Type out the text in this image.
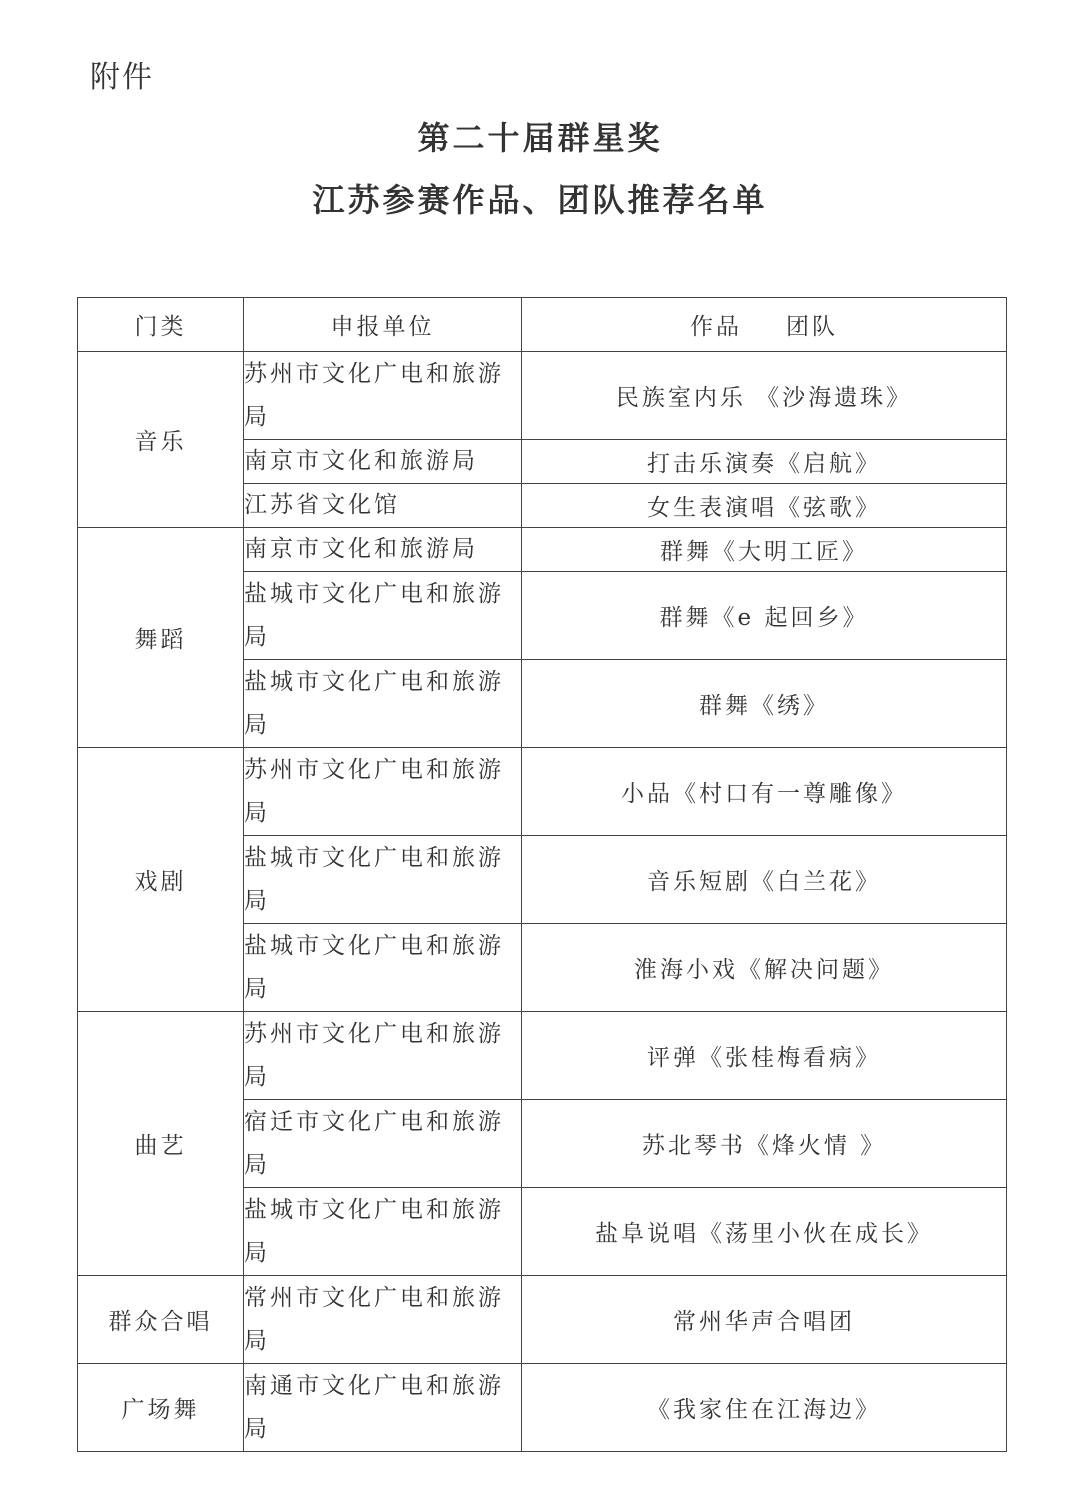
附件
第二十届群星奖
江苏参赛作品、团队推荐名单
门类	申报单位	作品 团队
音乐	苏州市文化广电和旅游局	民族室内乐 《沙海遗珠》
	南京市文化和旅游局	打击乐演奏《启航》
	江苏省文化馆	女生表演唱《弦歌》
舞蹈	南京市文化和旅游局	群舞《大明工匠》
	盐城市文化广电和旅游局	群舞《e 起回乡》
	盐城市文化广电和旅游局	群舞《绣》
戏剧	苏州市文化广电和旅游局	小品《村口有一尊雕像》
	盐城市文化广电和旅游局	音乐短剧《白兰花》
	盐城市文化广电和旅游局	淮海小戏《解决问题》
曲艺	苏州市文化广电和旅游局	评弹《张桂梅看病》
	宿迁市文化广电和旅游局	苏北琴书《烽火情 》
	盐城市文化广电和旅游局	盐阜说唱《荡里小伙在成长》
群众合唱	常州市文化广电和旅游局	常州华声合唱团
广场舞	南通市文化广电和旅游局	《我家住在江海边》
